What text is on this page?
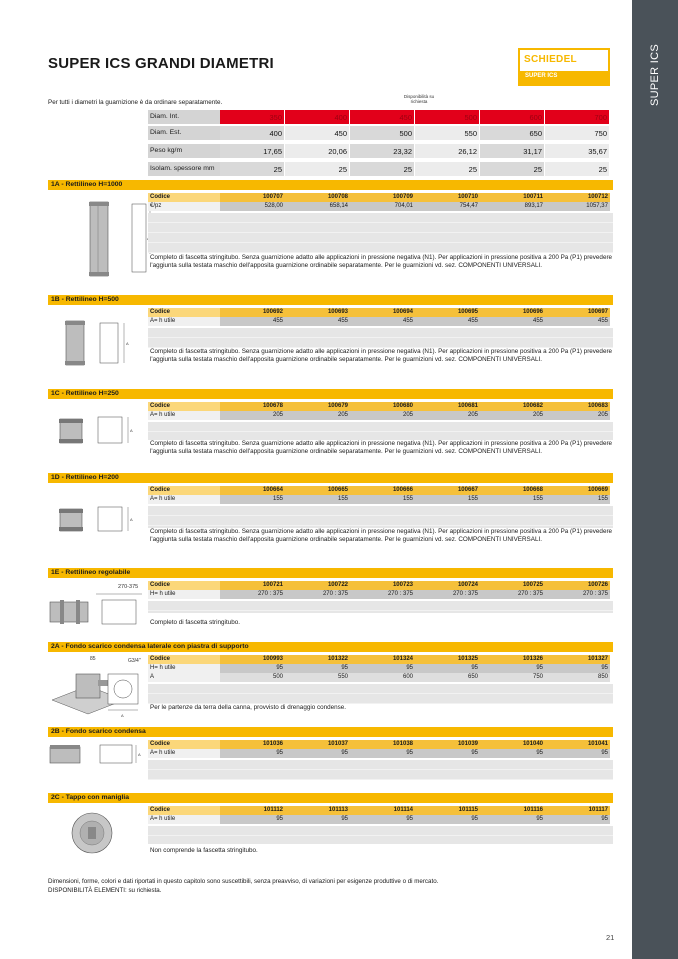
SUPER ICS
SUPER ICS GRANDI DIAMETRI	SCHIEDEL
SUPER ICS
Per tutti i diametri la guarnizione è da ordinare separatamente.
Disponibilità su richiesta
Diam. Int.	350	400	450	500	600	700
Diam. Est.	400	450	500	550	650	750
Peso kg/m	17,65	20,06	23,32	26,12	31,17	35,67
Isolam. spessore mm	25	25	25	25	25	25
1A - Rettilineo H=1000
Codice	100707	100708	100709	100710	100711	100712
€/pz	528,00	658,14	704,01	754,47	893,17	1057,37
Completo di fascetta stringitubo. Senza guarnizione adatto alle applicazioni in pressione negativa (N1). Per applicazioni in pressione positiva a 200 Pa (P1) prevedere l'aggiunta sulla testata maschio dell'apposita guarnizione ordinabile separatamente. Per le guarnizioni vd. sez. COMPONENTI UNIVERSALI.
1B - Rettilineo H=500
A
Codice	100692	100693	100694	100695	100696	100697
A= h utile	455	455	455	455	455	455
Completo di fascetta stringitubo. Senza guarnizione adatto alle applicazioni in pressione negativa (N1). Per applicazioni in pressione positiva a 200 Pa (P1) prevedere l'aggiunta sulla testata maschio dell'apposita guarnizione ordinabile separatamente. Per le guarnizioni vd. sez. COMPONENTI UNIVERSALI.
1C - Rettilineo H=250
A
Codice	100678	100679	100680	100681	100682	100683
A= h utile	205	205	205	205	205	205
Completo di fascetta stringitubo. Senza guarnizione adatto alle applicazioni in pressione negativa (N1). Per applicazioni in pressione positiva a 200 Pa (P1) prevedere l'aggiunta sulla testata maschio dell'apposita guarnizione ordinabile separatamente. Per le guarnizioni vd. sez. COMPONENTI UNIVERSALI.
1D - Rettilineo H=200
A
Codice	100664	100665	100666	100667	100668	100669
A= h utile	155	155	155	155	155	155
Completo di fascetta stringitubo. Senza guarnizione adatto alle applicazioni in pressione negativa (N1). Per applicazioni in pressione positiva a 200 Pa (P1) prevedere l'aggiunta sulla testata maschio dell'apposita guarnizione ordinabile separatamente. Per le guarnizioni vd. sez. COMPONENTI UNIVERSALI.
1E - Rettilineo regolabile
270-375	Codice	100721	100722	100723	100724	100725	100726
H= h utile	270 : 375	270 : 375	270 : 375	270 : 375	270 : 375	270 : 375
Completo di fascetta stringitubo.
2A - Fondo scarico condensa laterale con piastra di supporto
A
85	G3/4"	Codice	100993	101322	101324	101325	101326	101327
H= h utile	95	95	95	95	95	95
A	500	550	600	650	750	850
Per le partenze da terra della canna, provvisto di drenaggio condense.
2B - Fondo scarico condensa
A
Codice	101036	101037	101038	101039	101040	101041
A= h utile	95	95	95	95	95	95
2C - Tappo con maniglia
Codice	101112	101113	101114	101115	101116	101117
A= h utile	95	95	95	95	95	95
Non comprende la fascetta stringitubo.
Dimensioni, forme, colori e dati riportati in questo capitolo sono suscettibili, senza preavviso, di variazioni per esigenze produttive o di mercato.
DISPONIBILITÀ ELEMENTI: su richiesta.
21
